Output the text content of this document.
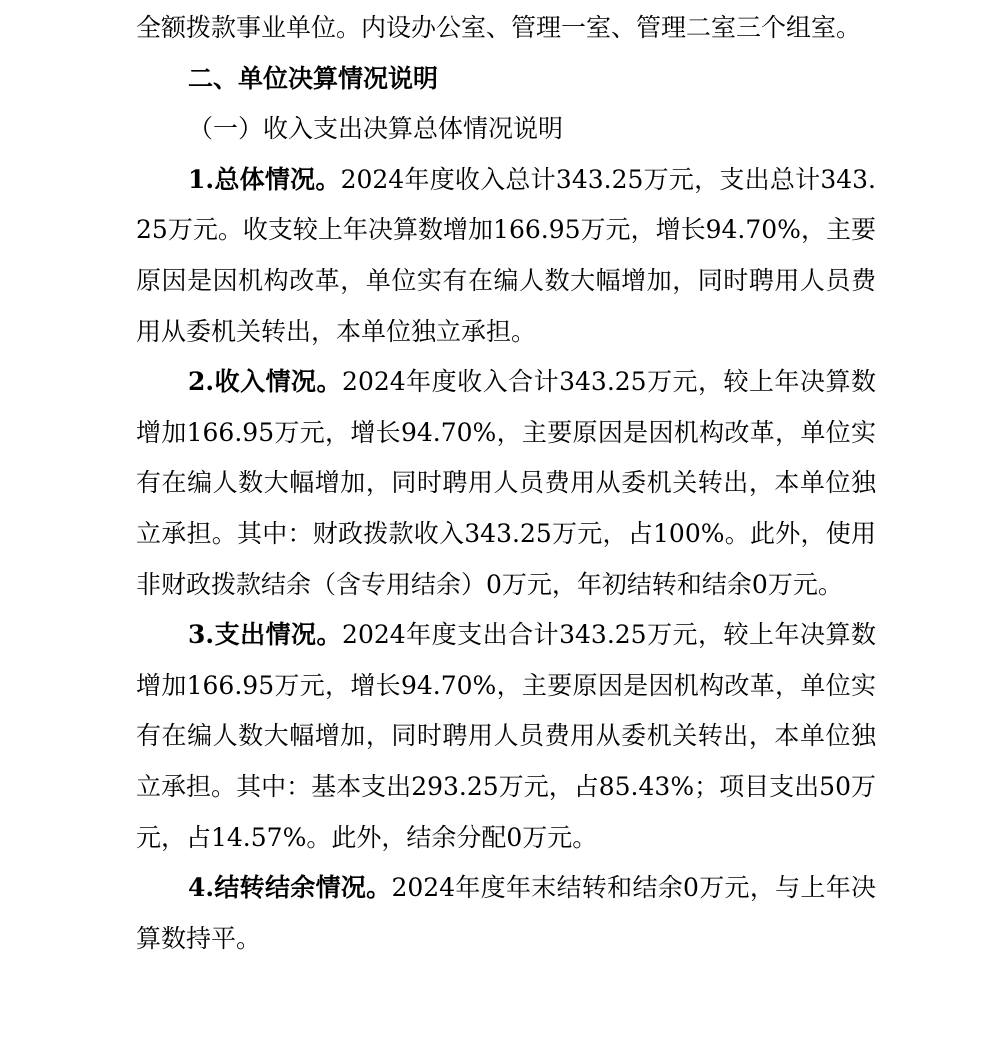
全额拨款事业单位。内设办公室、管理一室、管理二室三个组室。

二、单位决算情况说明

（一）收入支出决算总体情况说明

1.总体情况。2024年度收入总计343.25万元，支出总计343.25万元。收支较上年决算数增加166.95万元，增长94.70%，主要原因是因机构改革，单位实有在编人数大幅增加，同时聘用人员费用从委机关转出，本单位独立承担。

2.收入情况。2024年度收入合计343.25万元，较上年决算数增加166.95万元，增长94.70%，主要原因是因机构改革，单位实有在编人数大幅增加，同时聘用人员费用从委机关转出，本单位独立承担。其中：财政拨款收入343.25万元，占100%。此外，使用非财政拨款结余（含专用结余）0万元，年初结转和结余0万元。

3.支出情况。2024年度支出合计343.25万元，较上年决算数增加166.95万元，增长94.70%，主要原因是因机构改革，单位实有在编人数大幅增加，同时聘用人员费用从委机关转出，本单位独立承担。其中：基本支出293.25万元，占85.43%；项目支出50万元，占14.57%。此外，结余分配0万元。

4.结转结余情况。2024年度年末结转和结余0万元，与上年决算数持平。
